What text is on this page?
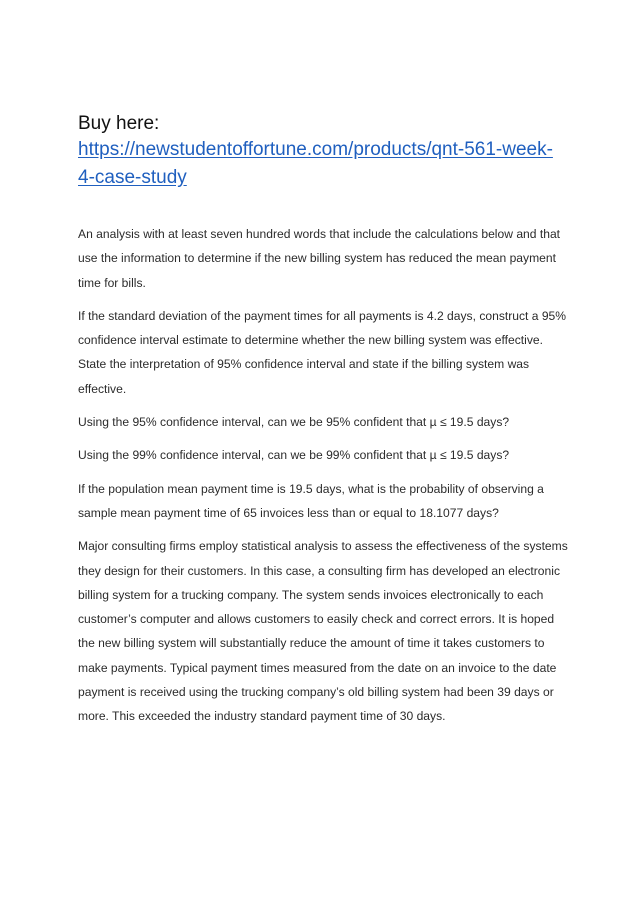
Buy here:

https://newstudentoffortune.com/products/qnt-561-week-
4-case-study

An analysis with at least seven hundred words that include the calculations below and that use the information to determine if the new billing system has reduced the mean payment time for bills.

If the standard deviation of the payment times for all payments is 4.2 days, construct a 95% confidence interval estimate to determine whether the new billing system was effective. State the interpretation of 95% confidence interval and state if the billing system was effective.

Using the 95% confidence interval, can we be 95% confident that µ ≤ 19.5 days?

Using the 99% confidence interval, can we be 99% confident that µ ≤ 19.5 days?

If the population mean payment time is 19.5 days, what is the probability of observing a sample mean payment time of 65 invoices less than or equal to 18.1077 days?

Major consulting firms employ statistical analysis to assess the effectiveness of the systems they design for their customers. In this case, a consulting firm has developed an electronic billing system for a trucking company. The system sends invoices electronically to each customer’s computer and allows customers to easily check and correct errors. It is hoped the new billing system will substantially reduce the amount of time it takes customers to make payments. Typical payment times measured from the date on an invoice to the date payment is received using the trucking company’s old billing system had been 39 days or more. This exceeded the industry standard payment time of 30 days.
